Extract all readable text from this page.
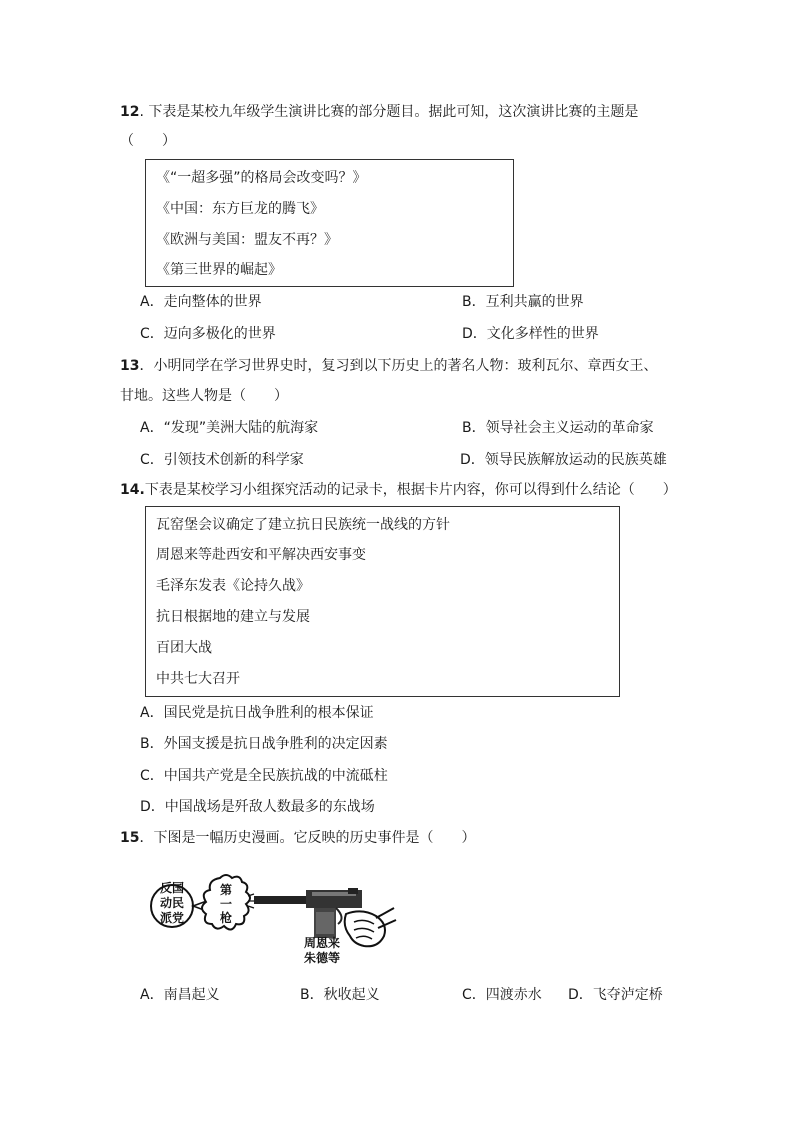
12. 下表是某校九年级学生演讲比赛的部分题目。据此可知，这次演讲比赛的主题是
（　　）
《“一超多强”的格局会改变吗？》
《中国：东方巨龙的腾飞》
《欧洲与美国：盟友不再？》
《第三世界的崛起》
A．走向整体的世界	B．互利共赢的世界
C．迈向多极化的世界	D．文化多样性的世界
13．小明同学在学习世界史时，复习到以下历史上的著名人物：玻利瓦尔、章西女王、
甘地。这些人物是（　　）
A．“发现”美洲大陆的航海家	B．领导社会主义运动的革命家
C．引领技术创新的科学家	D．领导民族解放运动的民族英雄
14.下表是某校学习小组探究活动的记录卡，根据卡片内容，你可以得到什么结论（　　）
瓦窑堡会议确定了建立抗日民族统一战线的方针
周恩来等赴西安和平解决西安事变
毛泽东发表《论持久战》
抗日根据地的建立与发展
百团大战
中共七大召开
A．国民党是抗日战争胜利的根本保证
B．外国支援是抗日战争胜利的决定因素
C．中国共产党是全民族抗战的中流砥柱
D．中国战场是歼敌人数最多的东战场
15．下图是一幅历史漫画。它反映的历史事件是（　　）
反国
动民
派党
第
一
枪
周恩来
朱德等
A．南昌起义	B．秋收起义	C．四渡赤水 D．飞夺泸定桥
